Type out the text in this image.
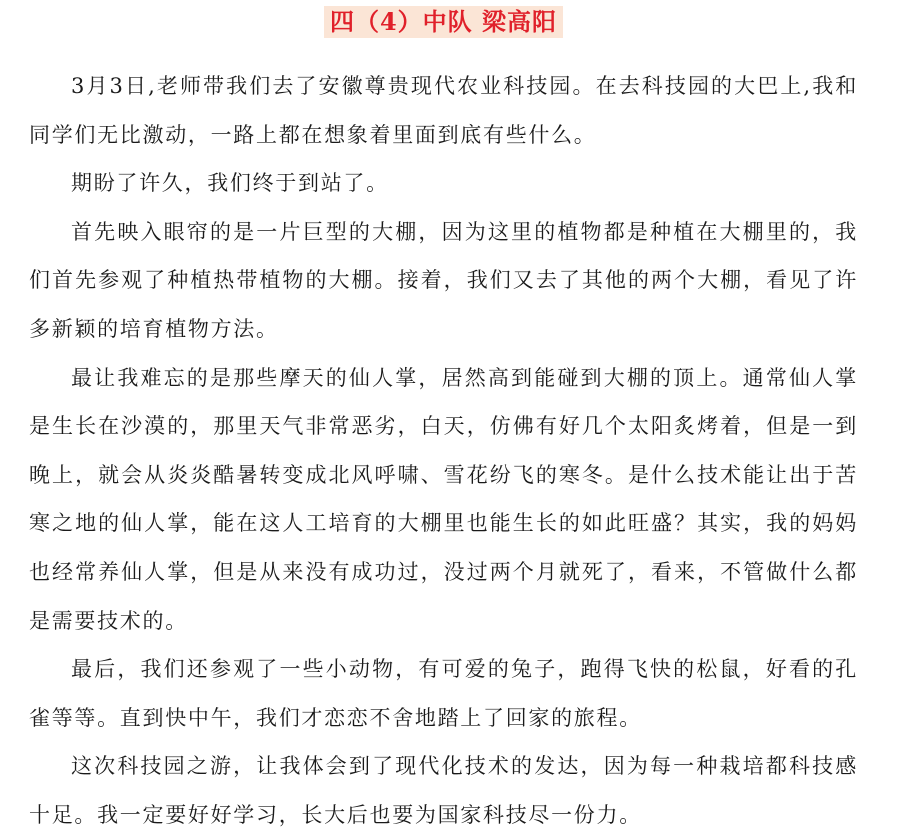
四（4）中队 梁高阳

3月3日,老师带我们去了安徽尊贵现代农业科技园。在去科技园的大巴上,我和同学们无比激动，一路上都在想象着里面到底有些什么。

期盼了许久，我们终于到站了。

首先映入眼帘的是一片巨型的大棚，因为这里的植物都是种植在大棚里的，我们首先参观了种植热带植物的大棚。接着，我们又去了其他的两个大棚，看见了许多新颖的培育植物方法。

最让我难忘的是那些摩天的仙人掌，居然高到能碰到大棚的顶上。通常仙人掌是生长在沙漠的，那里天气非常恶劣，白天，仿佛有好几个太阳炙烤着，但是一到晚上，就会从炎炎酷暑转变成北风呼啸、雪花纷飞的寒冬。是什么技术能让出于苦寒之地的仙人掌，能在这人工培育的大棚里也能生长的如此旺盛？其实，我的妈妈也经常养仙人掌，但是从来没有成功过，没过两个月就死了，看来，不管做什么都是需要技术的。

最后，我们还参观了一些小动物，有可爱的兔子，跑得飞快的松鼠，好看的孔雀等等。直到快中午，我们才恋恋不舍地踏上了回家的旅程。

这次科技园之游，让我体会到了现代化技术的发达，因为每一种栽培都科技感十足。我一定要好好学习，长大后也要为国家科技尽一份力。
